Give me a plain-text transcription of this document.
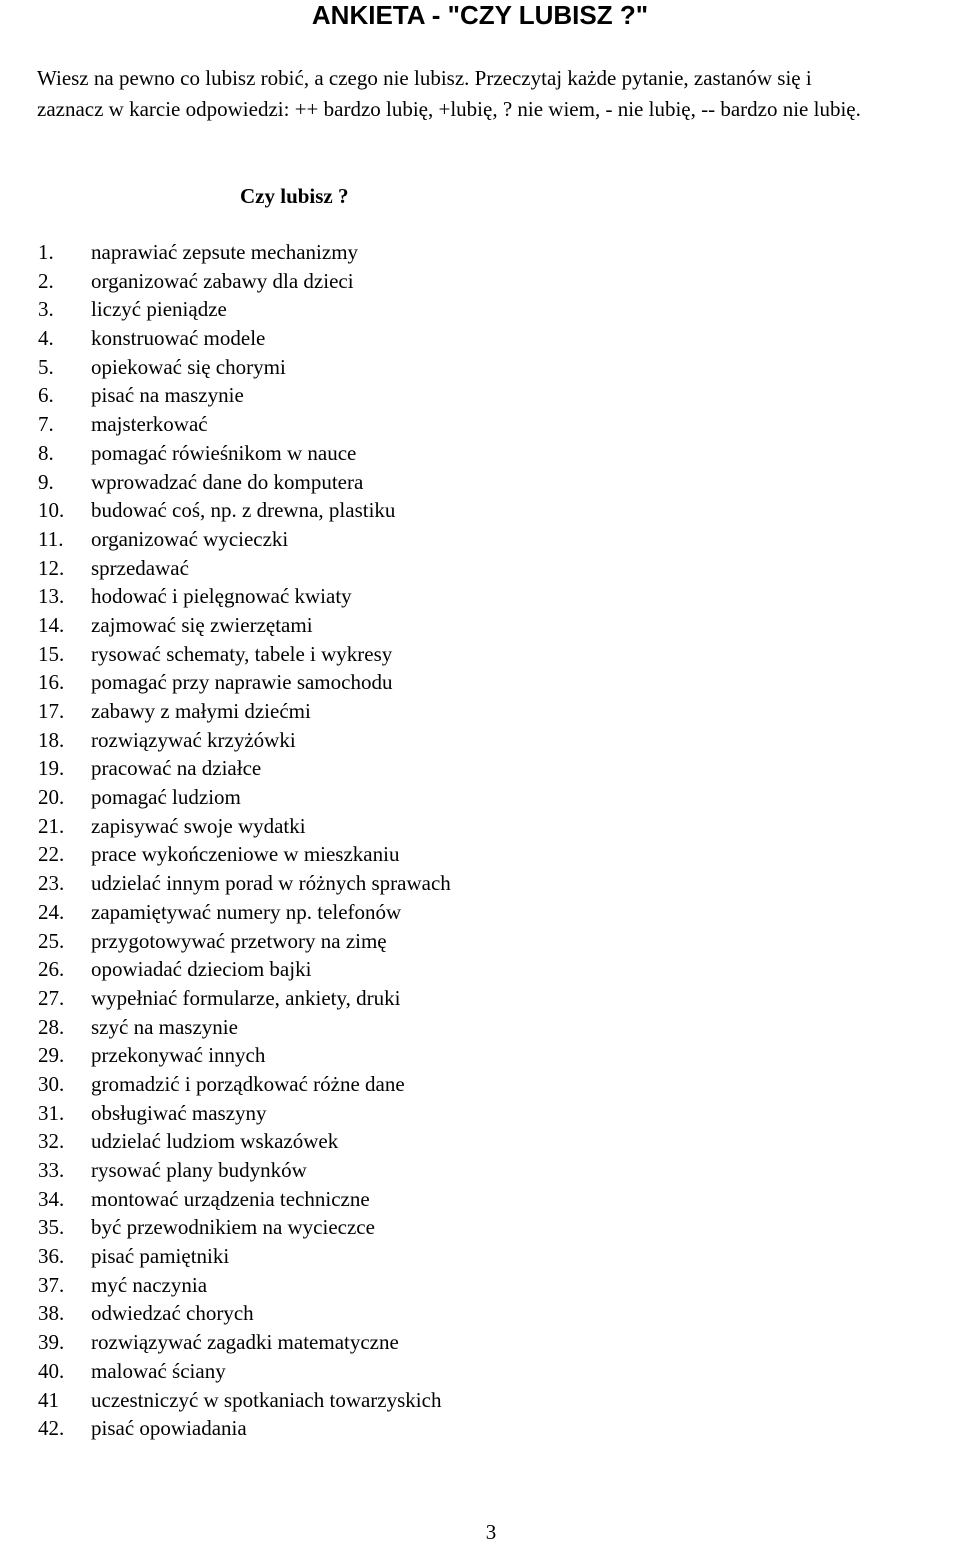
ANKIETA - "CZY LUBISZ ?"

Wiesz na pewno co lubisz robić, a czego nie lubisz. Przeczytaj każde pytanie, zastanów się i

zaznacz w karcie odpowiedzi: ++ bardzo lubię, +lubię, ? nie wiem, - nie lubię, -- bardzo nie lubię.

Czy lubisz ?
1.	naprawiać zepsute mechanizmy
2.	organizować zabawy dla dzieci
3.	liczyć pieniądze
4.	konstruować modele
5.	opiekować się chorymi
6.	pisać na maszynie
7.	majsterkować
8.	pomagać rówieśnikom w nauce
9.	wprowadzać dane do komputera
10.	budować coś, np. z drewna, plastiku
11.	organizować wycieczki
12.	sprzedawać
13.	hodować i pielęgnować kwiaty
14.	zajmować się zwierzętami
15.	rysować schematy, tabele i wykresy
16.	pomagać przy naprawie samochodu
17.	zabawy z małymi dziećmi
18.	rozwiązywać krzyżówki
19.	pracować na działce
20.	pomagać ludziom
21.	zapisywać swoje wydatki
22.	prace wykończeniowe w mieszkaniu
23.	udzielać innym porad w różnych sprawach
24.	zapamiętywać numery np. telefonów
25.	przygotowywać przetwory na zimę
26.	opowiadać dzieciom bajki
27.	wypełniać formularze, ankiety, druki
28.	szyć na maszynie
29.	przekonywać innych
30.	gromadzić i porządkować różne dane
31.	obsługiwać maszyny
32.	udzielać ludziom wskazówek
33.	rysować plany budynków
34.	montować urządzenia techniczne
35.	być przewodnikiem na wycieczce
36.	pisać pamiętniki
37.	myć naczynia
38.	odwiedzać chorych
39.	rozwiązywać zagadki matematyczne
40.	malować ściany
41	uczestniczyć w spotkaniach towarzyskich
42.	pisać opowiadania
3
